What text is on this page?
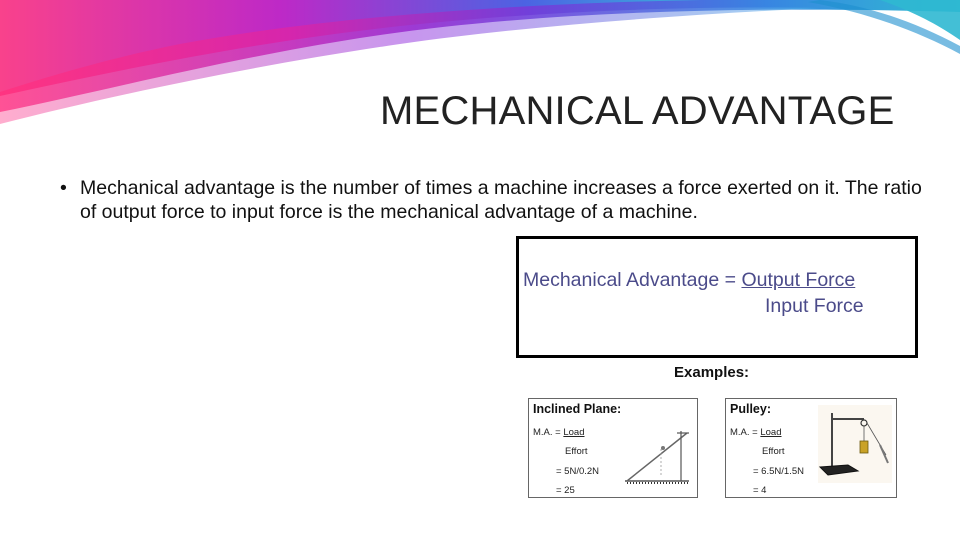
MECHANICAL ADVANTAGE
• Mechanical advantage is the number of times a machine increases a force exerted on it. The ratio of output force to input force is the mechanical advantage of a machine.
Mechanical Advantage = Output Force
Input Force
Examples:
Inclined Plane:
M.A. = Load
Effort
= 5N/0.2N
= 25
Pulley:
M.A. = Load
Effort
= 6.5N/1.5N
= 4
